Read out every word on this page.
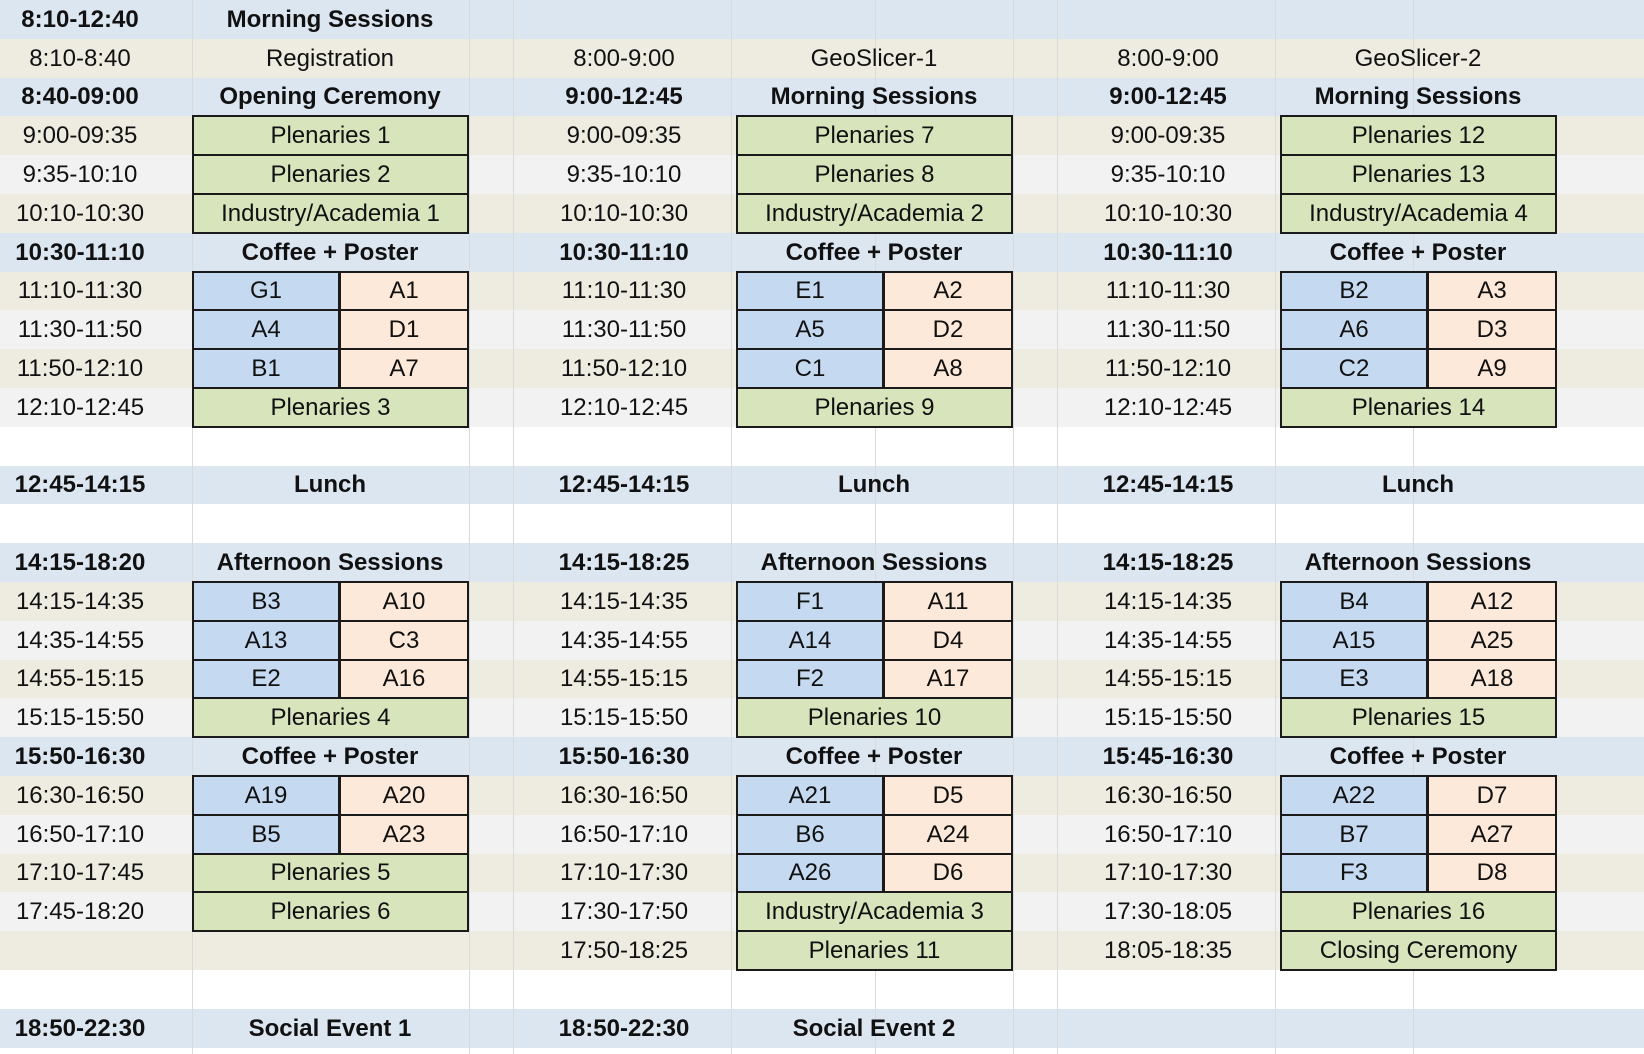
8:10-12:40	Morning Sessions
8:10-8:40	Registration
8:40-09:00	Opening Ceremony
9:00-09:35	Plenaries 1
9:35-10:10	Plenaries 2
10:10-10:30	Industry/Academia 1
10:30-11:10	Coffee + Poster
11:10-11:30	G1	A1
11:30-11:50	A4	D1
11:50-12:10	B1	A7
12:10-12:45	Plenaries 3
12:45-14:15	Lunch
14:15-18:20	Afternoon Sessions
14:15-14:35	B3	A10
14:35-14:55	A13	C3
14:55-15:15	E2	A16
15:15-15:50	Plenaries 4
15:50-16:30	Coffee + Poster
16:30-16:50	A19	A20
16:50-17:10	B5	A23
17:10-17:45	Plenaries 5
17:45-18:20	Plenaries 6
18:50-22:30	Social Event 1
8:00-9:00	GeoSlicer-1
9:00-12:45	Morning Sessions
9:00-09:35	Plenaries 7
9:35-10:10	Plenaries 8
10:10-10:30	Industry/Academia 2
10:30-11:10	Coffee + Poster
11:10-11:30	E1	A2
11:30-11:50	A5	D2
11:50-12:10	C1	A8
12:10-12:45	Plenaries 9
12:45-14:15	Lunch
14:15-18:25	Afternoon Sessions
14:15-14:35	F1	A11
14:35-14:55	A14	D4
14:55-15:15	F2	A17
15:15-15:50	Plenaries 10
15:50-16:30	Coffee + Poster
16:30-16:50	A21	D5
16:50-17:10	B6	A24
17:10-17:30	A26	D6
17:30-17:50	Industry/Academia 3
17:50-18:25	Plenaries 11
18:50-22:30	Social Event 2
8:00-9:00	GeoSlicer-2
9:00-12:45	Morning Sessions
9:00-09:35	Plenaries 12
9:35-10:10	Plenaries 13
10:10-10:30	Industry/Academia 4
10:30-11:10	Coffee + Poster
11:10-11:30	B2	A3
11:30-11:50	A6	D3
11:50-12:10	C2	A9
12:10-12:45	Plenaries 14
12:45-14:15	Lunch
14:15-18:25	Afternoon Sessions
14:15-14:35	B4	A12
14:35-14:55	A15	A25
14:55-15:15	E3	A18
15:15-15:50	Plenaries 15
15:45-16:30	Coffee + Poster
16:30-16:50	A22	D7
16:50-17:10	B7	A27
17:10-17:30	F3	D8
17:30-18:05	Plenaries 16
18:05-18:35	Closing Ceremony
